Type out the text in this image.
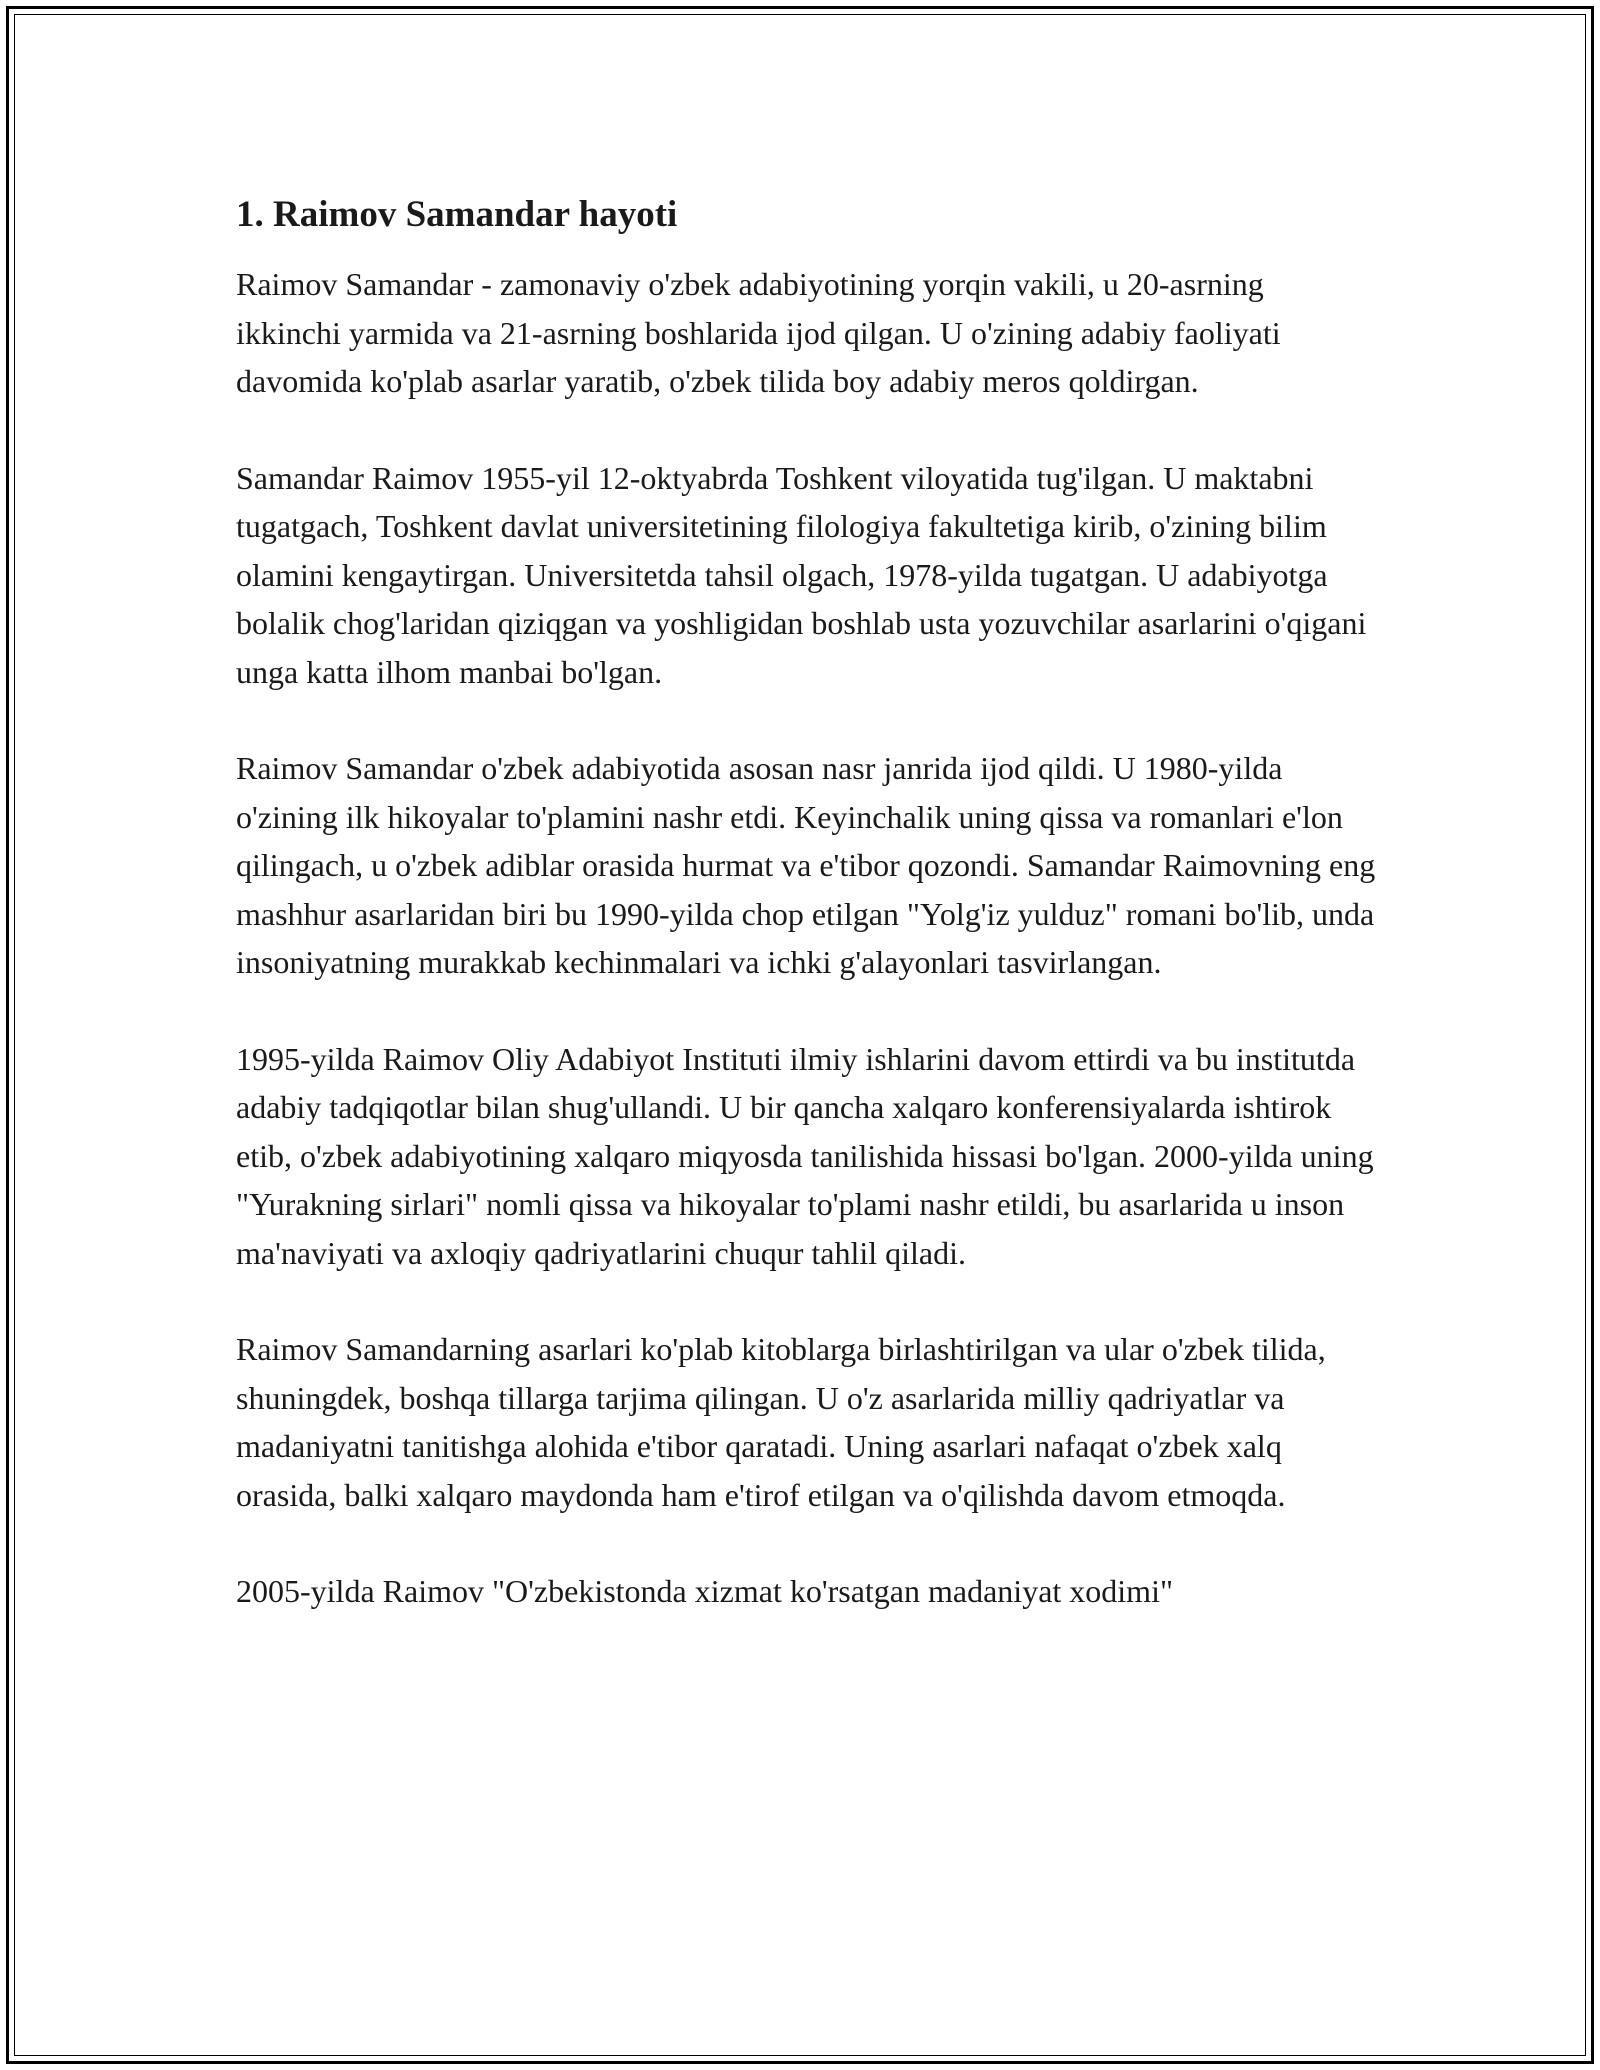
1. Raimov Samandar hayoti

Raimov Samandar - zamonaviy o'zbek adabiyotining yorqin vakili, u 20-asrning ikkinchi yarmida va 21-asrning boshlarida ijod qilgan. U o'zining adabiy faoliyati davomida ko'plab asarlar yaratib, o'zbek tilida boy adabiy meros qoldirgan.

Samandar Raimov 1955-yil 12-oktyabrda Toshkent viloyatida tug'ilgan. U maktabni tugatgach, Toshkent davlat universitetining filologiya fakultetiga kirib, o'zining bilim olamini kengaytirgan. Universitetda tahsil olgach, 1978-yilda tugatgan. U adabiyotga bolalik chog'laridan qiziqgan va yoshligidan boshlab usta yozuvchilar asarlarini o'qigani unga katta ilhom manbai bo'lgan.

Raimov Samandar o'zbek adabiyotida asosan nasr janrida ijod qildi. U 1980-yilda o'zining ilk hikoyalar to'plamini nashr etdi. Keyinchalik uning qissa va romanlari e'lon qilingach, u o'zbek adiblar orasida hurmat va e'tibor qozondi. Samandar Raimovning eng mashhur asarlaridan biri bu 1990-yilda chop etilgan "Yolg'iz yulduz" romani bo'lib, unda insoniyatning murakkab kechinmalari va ichki g'alayonlari tasvirlangan.

1995-yilda Raimov Oliy Adabiyot Instituti ilmiy ishlarini davom ettirdi va bu institutda adabiy tadqiqotlar bilan shug'ullandi. U bir qancha xalqaro konferensiyalarda ishtirok etib, o'zbek adabiyotining xalqaro miqyosda tanilishida hissasi bo'lgan. 2000-yilda uning "Yurakning sirlari" nomli qissa va hikoyalar to'plami nashr etildi, bu asarlarida u inson ma'naviyati va axloqiy qadriyatlarini chuqur tahlil qiladi.

Raimov Samandarning asarlari ko'plab kitoblarga birlashtirilgan va ular o'zbek tilida, shuningdek, boshqa tillarga tarjima qilingan. U o'z asarlarida milliy qadriyatlar va madaniyatni tanitishga alohida e'tibor qaratadi. Uning asarlari nafaqat o'zbek xalq orasida, balki xalqaro maydonda ham e'tirof etilgan va o'qilishda davom etmoqda.

2005-yilda Raimov "O'zbekistonda xizmat ko'rsatgan madaniyat xodimi"
